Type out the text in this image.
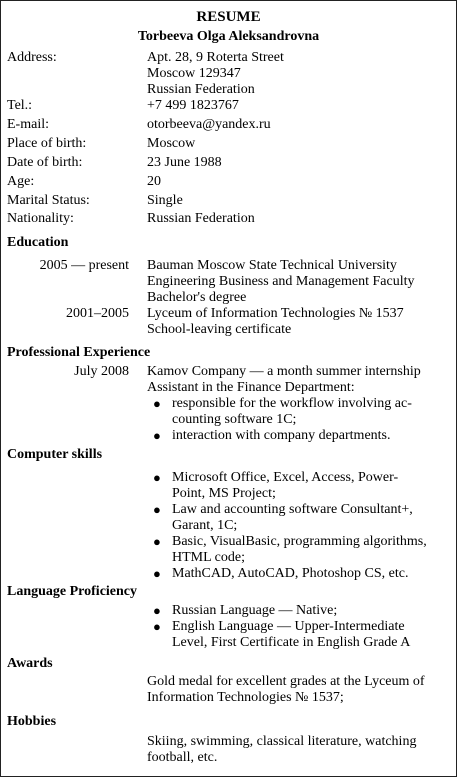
RESUME
Torbeeva Olga Aleksandrovna
Address:	Apt. 28, 9 Roterta Street
Moscow 129347
Russian Federation
Tel.:	+7 499 1823767
E-mail:	otorbeeva@yandex.ru
Place of birth:	Moscow
Date of birth:	23 June 1988
Age:	20
Marital Status:	Single
Nationality:	Russian Federation
Education
2005 — present Bauman Moscow State Technical University
Engineering Business and Management Faculty
Bachelor's degree
2001–2005 Lyceum of Information Technologies № 1537
School-leaving certificate
Professional Experience
July 2008 Kamov Company — a month summer internship
Assistant in the Finance Department:
● responsible for the workflow involving ac-
counting software 1C;
● interaction with company departments.
Computer skills
● Microsoft Office, Excel, Access, Power-
Point, MS Project;
● Law and accounting software Consultant+,
Garant, 1C;
● Basic, VisualBasic, programming algorithms,
HTML code;
● MathCAD, AutoCAD, Photoshop CS, etc.
Language Proficiency
● Russian Language — Native;
● English Language — Upper-Intermediate
Level, First Certificate in English Grade A
Awards
Gold medal for excellent grades at the Lyceum of
Information Technologies № 1537;
Hobbies
Skiing, swimming, classical literature, watching
football, etc.
